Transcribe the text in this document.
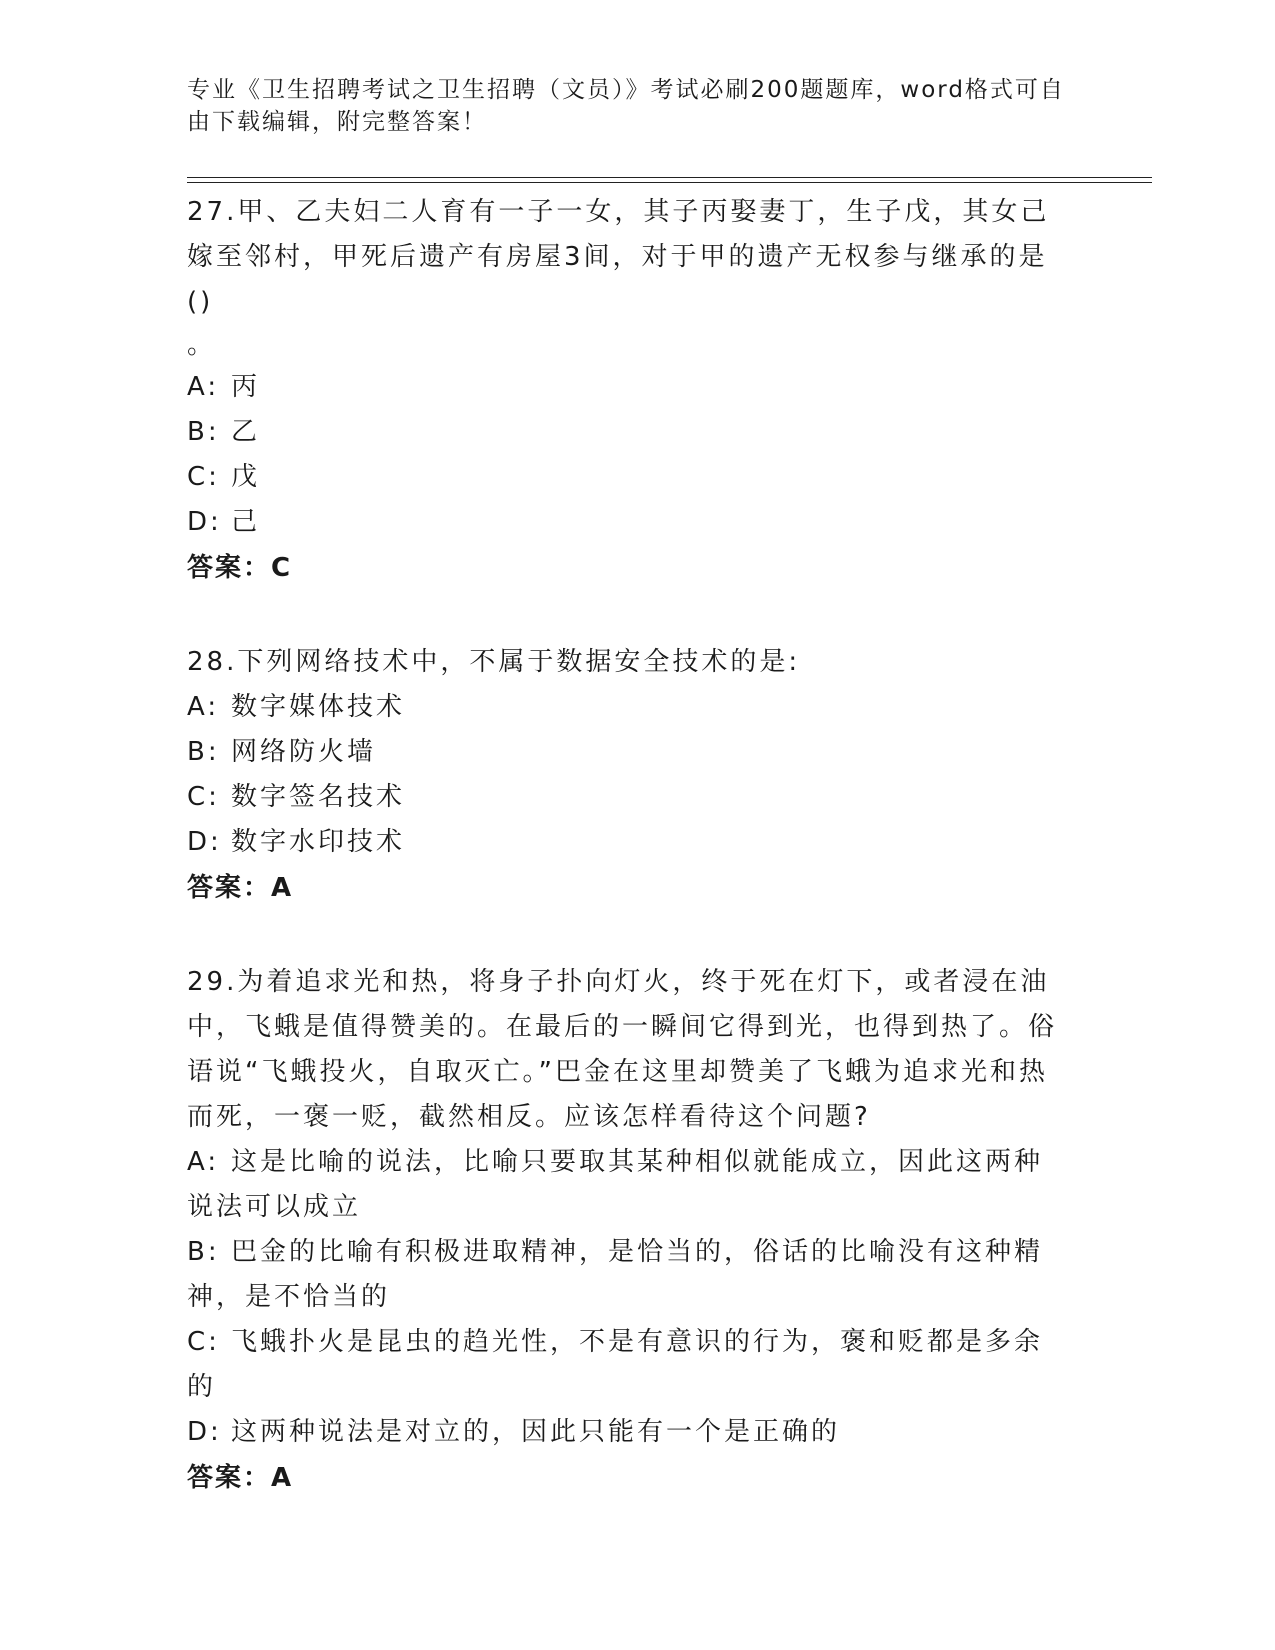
专业《卫生招聘考试之卫生招聘（文员）》考试必刷200题题库，word格式可自由下载编辑，附完整答案！

27.甲、乙夫妇二人育有一子一女，其子丙娶妻丁，生子戊，其女己嫁至邻村，甲死后遗产有房屋3间，对于甲的遗产无权参与继承的是()
。

A: 丙

B: 乙

C: 戊

D: 己

答案：C

28.下列网络技术中，不属于数据安全技术的是:

A: 数字媒体技术

B: 网络防火墙

C: 数字签名技术

D: 数字水印技术

答案：A

29.为着追求光和热，将身子扑向灯火，终于死在灯下，或者浸在油中，飞蛾是值得赞美的。在最后的一瞬间它得到光，也得到热了。俗语说“飞蛾投火，自取灭亡。”巴金在这里却赞美了飞蛾为追求光和热而死，一褒一贬，截然相反。应该怎样看待这个问题?

A: 这是比喻的说法，比喻只要取其某种相似就能成立，因此这两种说法可以成立

B: 巴金的比喻有积极进取精神，是恰当的，俗话的比喻没有这种精神，是不恰当的

C: 飞蛾扑火是昆虫的趋光性，不是有意识的行为，褒和贬都是多余的

D: 这两种说法是对立的，因此只能有一个是正确的

答案：A
